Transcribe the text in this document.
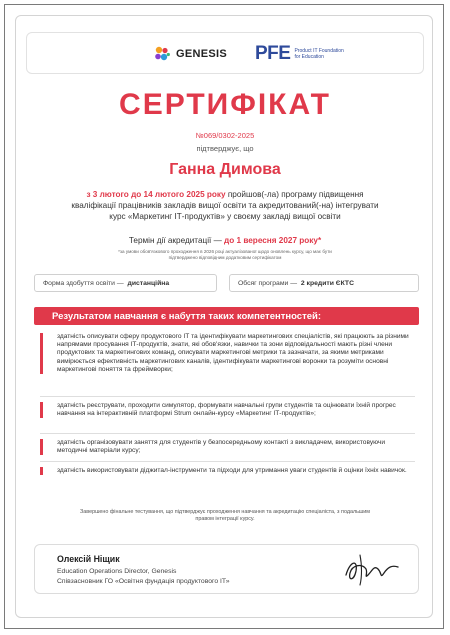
GENESIS PFE Product IT Foundation for Education
СЕРТИФІКАТ
№069/0302-2025
підтверджує, що
Ганна Димова
з 3 лютого до 14 лютого 2025 року пройшов(-ла) програму підвищення
кваліфікації працівників закладів вищої освіти та акредитований(-на) інтегрувати
курс «Маркетинг ІТ-продуктів» у своєму закладі вищої освіти
Термін дії акредитації — до 1 вересня 2027 року*
*за умови обов'язкового проходження в 2026 році актуалізованої щодо оновлень курсу, що має бути підтверджено відповідним додатковим сертифікатом
Форма здобуття освіти —
дистанційна	Обсяг програми —
2 кредити ЄКТС
Результатом навчання є набуття таких компетентностей:
здатність описувати сферу продуктового ІТ та ідентифікувати маркетингових спеціалістів, які працюють за різними напрямами просування ІТ-продуктів, знати, які обов'язки, навички та зони відповідальності мають різні члени продуктових та маркетингових команд, описувати маркетингові метрики та зазначати, за якими метриками вимірюється ефективність маркетингових каналів, ідентифікувати маркетингові воронки та розуміти основні маркетингові поняття та фреймворки;
здатність реєструвати, проходити симулятор, формувати навчальні групи студентів та оцінювати їхній прогрес навчання на інтерактивній платформі Strum онлайн-курсу «Маркетинг ІТ-продуктів»;
здатність організовувати заняття для студентів у безпосередньому контакті з викладачем, використовуючи методичні матеріали курсу;
здатність використовувати діджитал-інструменти та підходи для утримання уваги студентів й оцінки їхніх навичок.
Завершено фінальне тестування, що підтверджує проходження навчання та акредитацію спеціаліста, з подальшим правом інтеграції курсу.
Олексій Ніщик
Education Operations Director, Genesis
Співзасновник ГО «Освітня фундація продуктового ІТ»
